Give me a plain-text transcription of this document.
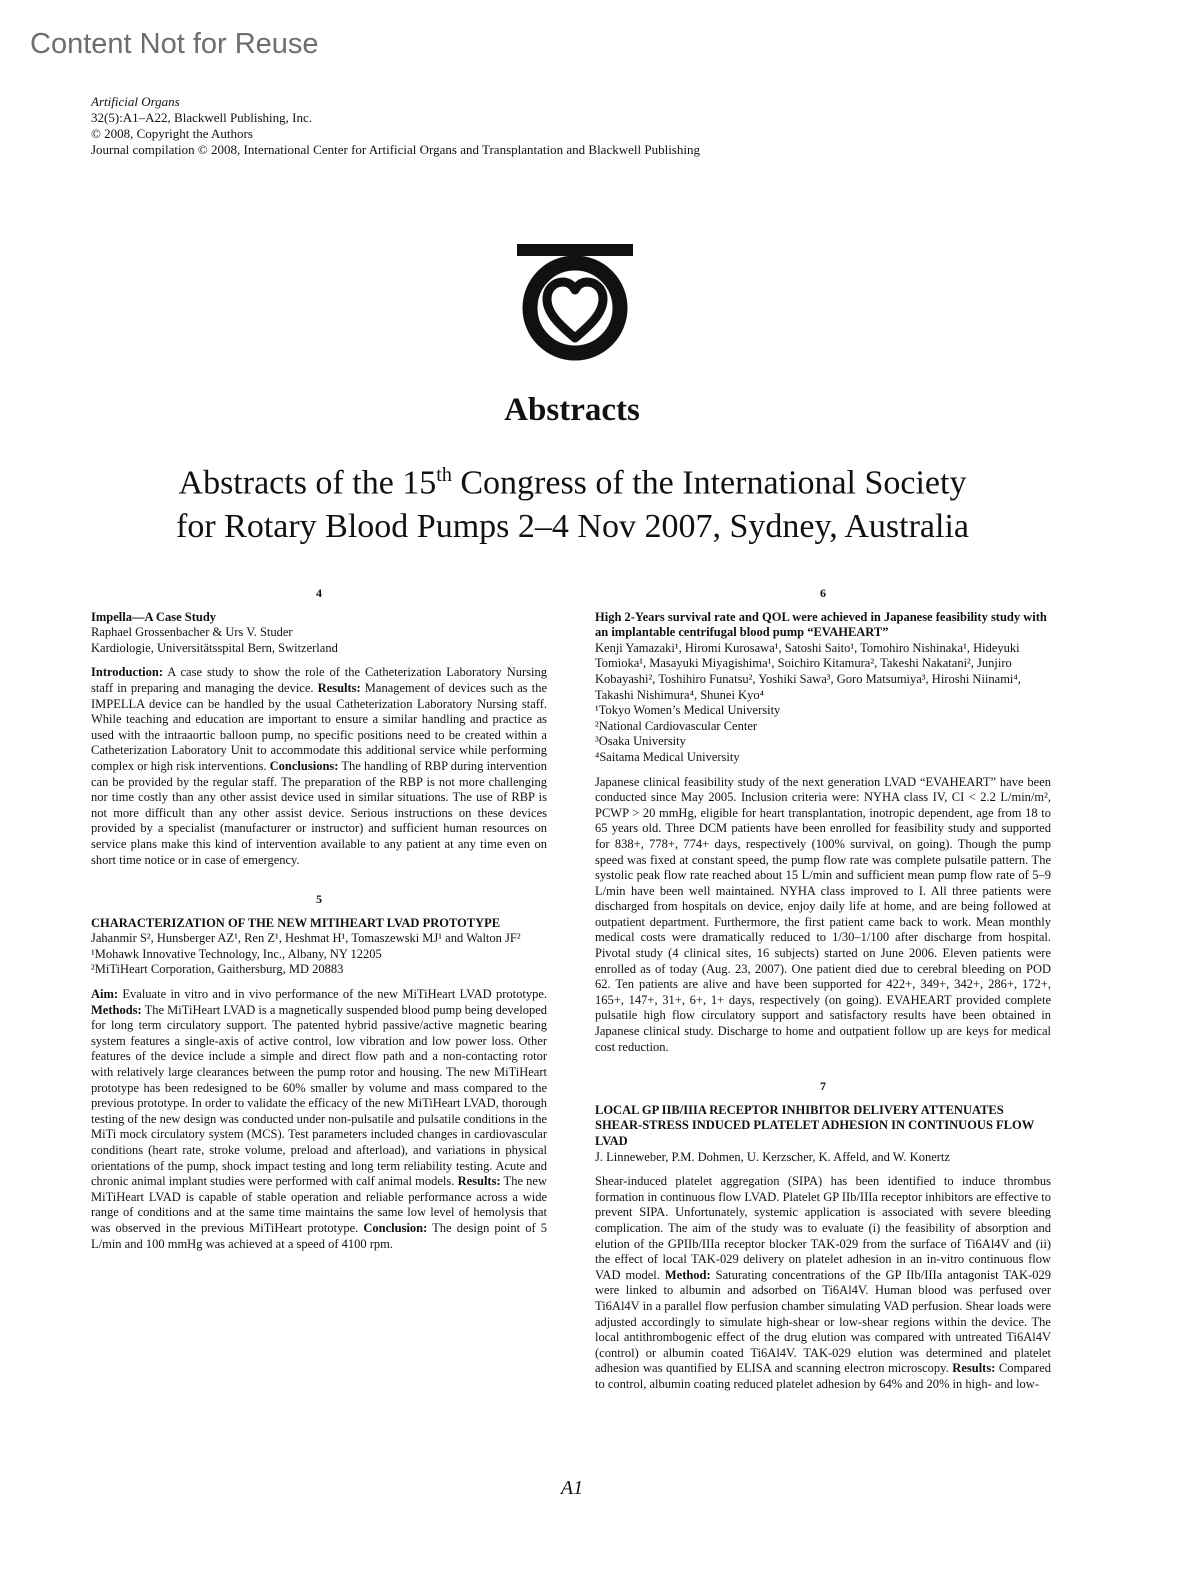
Content Not for Reuse
Artificial Organs
32(5):A1–A22, Blackwell Publishing, Inc.
© 2008, Copyright the Authors
Journal compilation © 2008, International Center for Artificial Organs and Transplantation and Blackwell Publishing
Abstracts
Abstracts of the 15th Congress of the International Society
for Rotary Blood Pumps 2–4 Nov 2007, Sydney, Australia
4
Impella—A Case Study
Raphael Grossenbacher & Urs V. Studer
Kardiologie, Universitätsspital Bern, Switzerland
Introduction: A case study to show the role of the Catheterization Laboratory Nursing staff in preparing and managing the device. Results: Management of devices such as the IMPELLA device can be handled by the usual Catheterization Laboratory Nursing staff. While teaching and education are important to ensure a similar handling and practice as used with the intraaortic balloon pump, no specific positions need to be created within a Catheterization Laboratory Unit to accommodate this additional service while performing complex or high risk interventions. Conclusions: The handling of RBP during intervention can be provided by the regular staff. The preparation of the RBP is not more challenging nor time costly than any other assist device used in similar situations. The use of RBP is not more difficult than any other assist device. Serious instructions on these devices provided by a specialist (manufacturer or instructor) and sufficient human resources on service plans make this kind of intervention available to any patient at any time even on short time notice or in case of emergency.
5
CHARACTERIZATION OF THE NEW MITIHEART LVAD PROTOTYPE
Jahanmir S², Hunsberger AZ¹, Ren Z¹, Heshmat H¹, Tomaszewski MJ¹ and Walton JF²
¹Mohawk Innovative Technology, Inc., Albany, NY 12205
²MiTiHeart Corporation, Gaithersburg, MD 20883
Aim: Evaluate in vitro and in vivo performance of the new MiTiHeart LVAD prototype. Methods: The MiTiHeart LVAD is a magnetically suspended blood pump being developed for long term circulatory support. The patented hybrid passive/active magnetic bearing system features a single-axis of active control, low vibration and low power loss. Other features of the device include a simple and direct flow path and a non-contacting rotor with relatively large clearances between the pump rotor and housing. The new MiTiHeart prototype has been redesigned to be 60% smaller by volume and mass compared to the previous prototype. In order to validate the efficacy of the new MiTiHeart LVAD, thorough testing of the new design was conducted under non-pulsatile and pulsatile conditions in the MiTi mock circulatory system (MCS). Test parameters included changes in cardiovascular conditions (heart rate, stroke volume, preload and afterload), and variations in physical orientations of the pump, shock impact testing and long term reliability testing. Acute and chronic animal implant studies were performed with calf animal models. Results: The new MiTiHeart LVAD is capable of stable operation and reliable performance across a wide range of conditions and at the same time maintains the same low level of hemolysis that was observed in the previous MiTiHeart prototype. Conclusion: The design point of 5 L/min and 100 mmHg was achieved at a speed of 4100 rpm.
6
High 2-Years survival rate and QOL were achieved in Japanese feasibility study with an implantable centrifugal blood pump “EVAHEART”
Kenji Yamazaki¹, Hiromi Kurosawa¹, Satoshi Saito¹, Tomohiro Nishinaka¹, Hideyuki Tomioka¹, Masayuki Miyagishima¹, Soichiro Kitamura², Takeshi Nakatani², Junjiro Kobayashi², Toshihiro Funatsu², Yoshiki Sawa³, Goro Matsumiya³, Hiroshi Niinami⁴, Takashi Nishimura⁴, Shunei Kyo⁴
¹Tokyo Women’s Medical University
²National Cardiovascular Center
³Osaka University
⁴Saitama Medical University
Japanese clinical feasibility study of the next generation LVAD “EVAHEART” have been conducted since May 2005. Inclusion criteria were: NYHA class IV, CI < 2.2 L/min/m², PCWP > 20 mmHg, eligible for heart transplantation, inotropic dependent, age from 18 to 65 years old. Three DCM patients have been enrolled for feasibility study and supported for 838+, 778+, 774+ days, respectively (100% survival, on going). Though the pump speed was fixed at constant speed, the pump flow rate was complete pulsatile pattern. The systolic peak flow rate reached about 15 L/min and sufficient mean pump flow rate of 5–9 L/min have been well maintained. NYHA class improved to I. All three patients were discharged from hospitals on device, enjoy daily life at home, and are being followed at outpatient department. Furthermore, the first patient came back to work. Mean monthly medical costs were dramatically reduced to 1/30–1/100 after discharge from hospital. Pivotal study (4 clinical sites, 16 subjects) started on June 2006. Eleven patients were enrolled as of today (Aug. 23, 2007). One patient died due to cerebral bleeding on POD 62. Ten patients are alive and have been supported for 422+, 349+, 342+, 286+, 172+, 165+, 147+, 31+, 6+, 1+ days, respectively (on going). EVAHEART provided complete pulsatile high flow circulatory support and satisfactory results have been obtained in Japanese clinical study. Discharge to home and outpatient follow up are keys for medical cost reduction.
7
LOCAL GP IIB/IIIA RECEPTOR INHIBITOR DELIVERY ATTENUATES SHEAR-STRESS INDUCED PLATELET ADHESION IN CONTINUOUS FLOW LVAD
J. Linneweber, P.M. Dohmen, U. Kerzscher, K. Affeld, and W. Konertz
Shear-induced platelet aggregation (SIPA) has been identified to induce thrombus formation in continuous flow LVAD. Platelet GP IIb/IIIa receptor inhibitors are effective to prevent SIPA. Unfortunately, systemic application is associated with severe bleeding complication. The aim of the study was to evaluate (i) the feasibility of absorption and elution of the GPIIb/IIIa receptor blocker TAK-029 from the surface of Ti6Al4V and (ii) the effect of local TAK-029 delivery on platelet adhesion in an in-vitro continuous flow VAD model. Method: Saturating concentrations of the GP IIb/IIIa antagonist TAK-029 were linked to albumin and adsorbed on Ti6Al4V. Human blood was perfused over Ti6Al4V in a parallel flow perfusion chamber simulating VAD perfusion. Shear loads were adjusted accordingly to simulate high-shear or low-shear regions within the device. The local antithrombogenic effect of the drug elution was compared with untreated Ti6Al4V (control) or albumin coated Ti6Al4V. TAK-029 elution was determined and platelet adhesion was quantified by ELISA and scanning electron microscopy. Results: Compared to control, albumin coating reduced platelet adhesion by 64% and 20% in high- and low-
A1
